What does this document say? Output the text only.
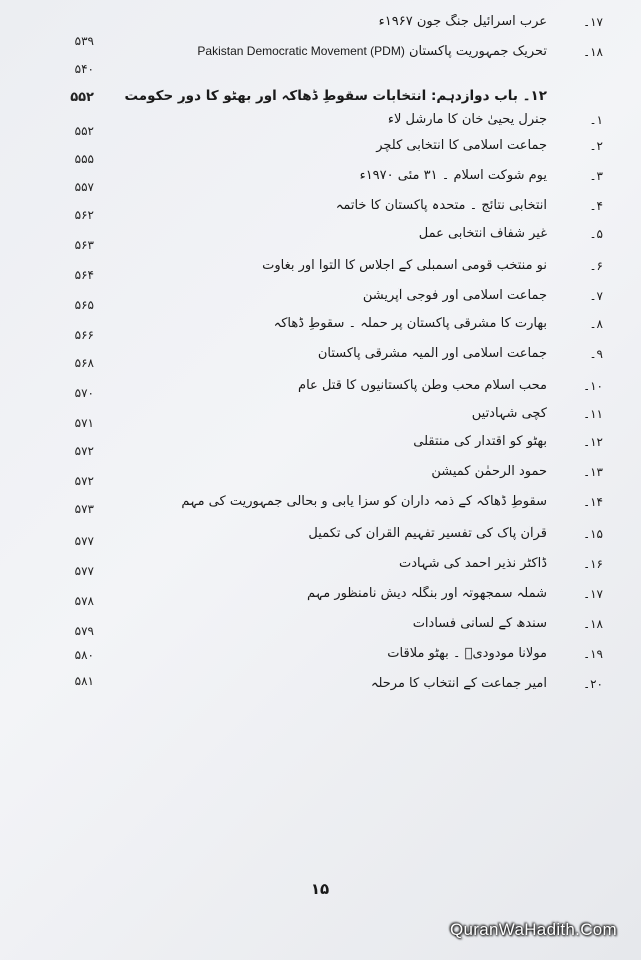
۱۷۔
عرب اسرائیل جنگ جون ۱۹۶۷ء
۵۳۹
۱۸۔
تحریک جمہوریت پاکستان Pakistan Democratic Movement (PDM)
۵۴۰
۱۲۔ باب دوازدہم: انتخابات سقوطِ ڈھاکہ اور بھٹو کا دورِ حکومت
۵۵۲
۱۔
جنرل یحییٰ خان کا مارشل لاء
۵۵۲
۲۔
جماعت اسلامی کا انتخابی کلچر
۵۵۵
۳۔
یوم شوکت اسلام ۔ ۳۱ مئی ۱۹۷۰ء
۵۵۷
۴۔
انتخابی نتائج ۔ متحدہ پاکستان کا خاتمہ
۵۶۲
۵۔
غیر شفاف انتخابی عمل
۵۶۳
۶۔
نو منتخب قومی اسمبلی کے اجلاس کا التوا اور بغاوت
۵۶۴
۷۔
جماعت اسلامی اور فوجی آپریشن
۵۶۵
۸۔
بھارت کا مشرقی پاکستان پر حملہ ۔ سقوطِ ڈھاکہ
۵۶۶
۹۔
جماعت اسلامی اور المیہ مشرقی پاکستان
۵۶۸
۱۰۔
محب اسلام محب وطن پاکستانیوں کا قتل عام
۵۷۰
۱۱۔
کچی شہادتیں
۵۷۱
۱۲۔
بھٹو کو اقتدار کی منتقلی
۵۷۲
۱۳۔
حمود الرحمٰن کمیشن
۵۷۲
۱۴۔
سقوطِ ڈھاکہ کے ذمہ داران کو سزا یابی و بحالی جمہوریت کی مہم
۵۷۳
۱۵۔
قرآن پاک کی تفسیر تفہیم القرآن کی تکمیل
۵۷۷
۱۶۔
ڈاکٹر نذیر احمد کی شہادت
۵۷۷
۱۷۔
شملہ سمجھوتہ اور بنگلہ دیش نامنظور مہم
۵۷۸
۱۸۔
سندھ کے لسانی فسادات
۵۷۹
۱۹۔
مولانا مودودیؒ ۔ بھٹو ملاقات
۵۸۰
۲۰۔
امیر جماعت کے انتخاب کا مرحلہ
۵۸۱
۱۵
QuranWaHadith.Com
